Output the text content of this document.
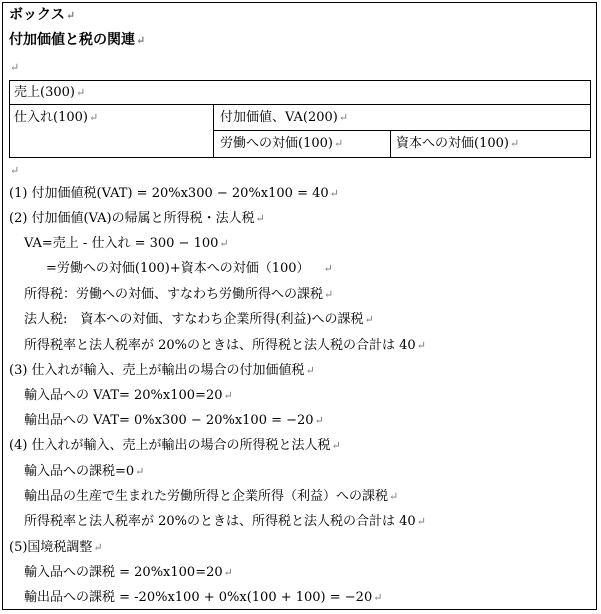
ボックス↵
付加価値と税の関連↵
↵
売上(300)↵
仕入れ(100)↵	付加価値、VA(200)↵
労働への対価(100)↵	資本への対価(100)↵
↵
(1) 付加価値税(VAT) = 20%x300 − 20%x100 = 40↵
(2) 付加価値(VA)の帰属と所得税・法人税↵
VA=売上 - 仕入れ = 300 − 100↵
=労働への対価(100)+資本への対価（100） ↵
所得税：労働への対価、すなわち労働所得への課税↵
法人税:　資本への対価、すなわち企業所得(利益)への課税↵
所得税率と法人税率が 20%のときは、所得税と法人税の合計は 40↵
(3) 仕入れが輸入、売上が輸出の場合の付加価値税↵
輸入品への VAT= 20%x100=20↵
輸出品への VAT= 0%x300 − 20%x100 = −20↵
(4) 仕入れが輸入、売上が輸出の場合の所得税と法人税↵
輸入品への課税=0↵
輸出品の生産で生まれた労働所得と企業所得（利益）への課税↵
所得税率と法人税率が 20%のときは、所得税と法人税の合計は 40↵
(5)国境税調整↵
輸入品への課税 = 20%x100=20↵
輸出品への課税 = -20%x100 + 0%x(100 + 100) = −20↵
